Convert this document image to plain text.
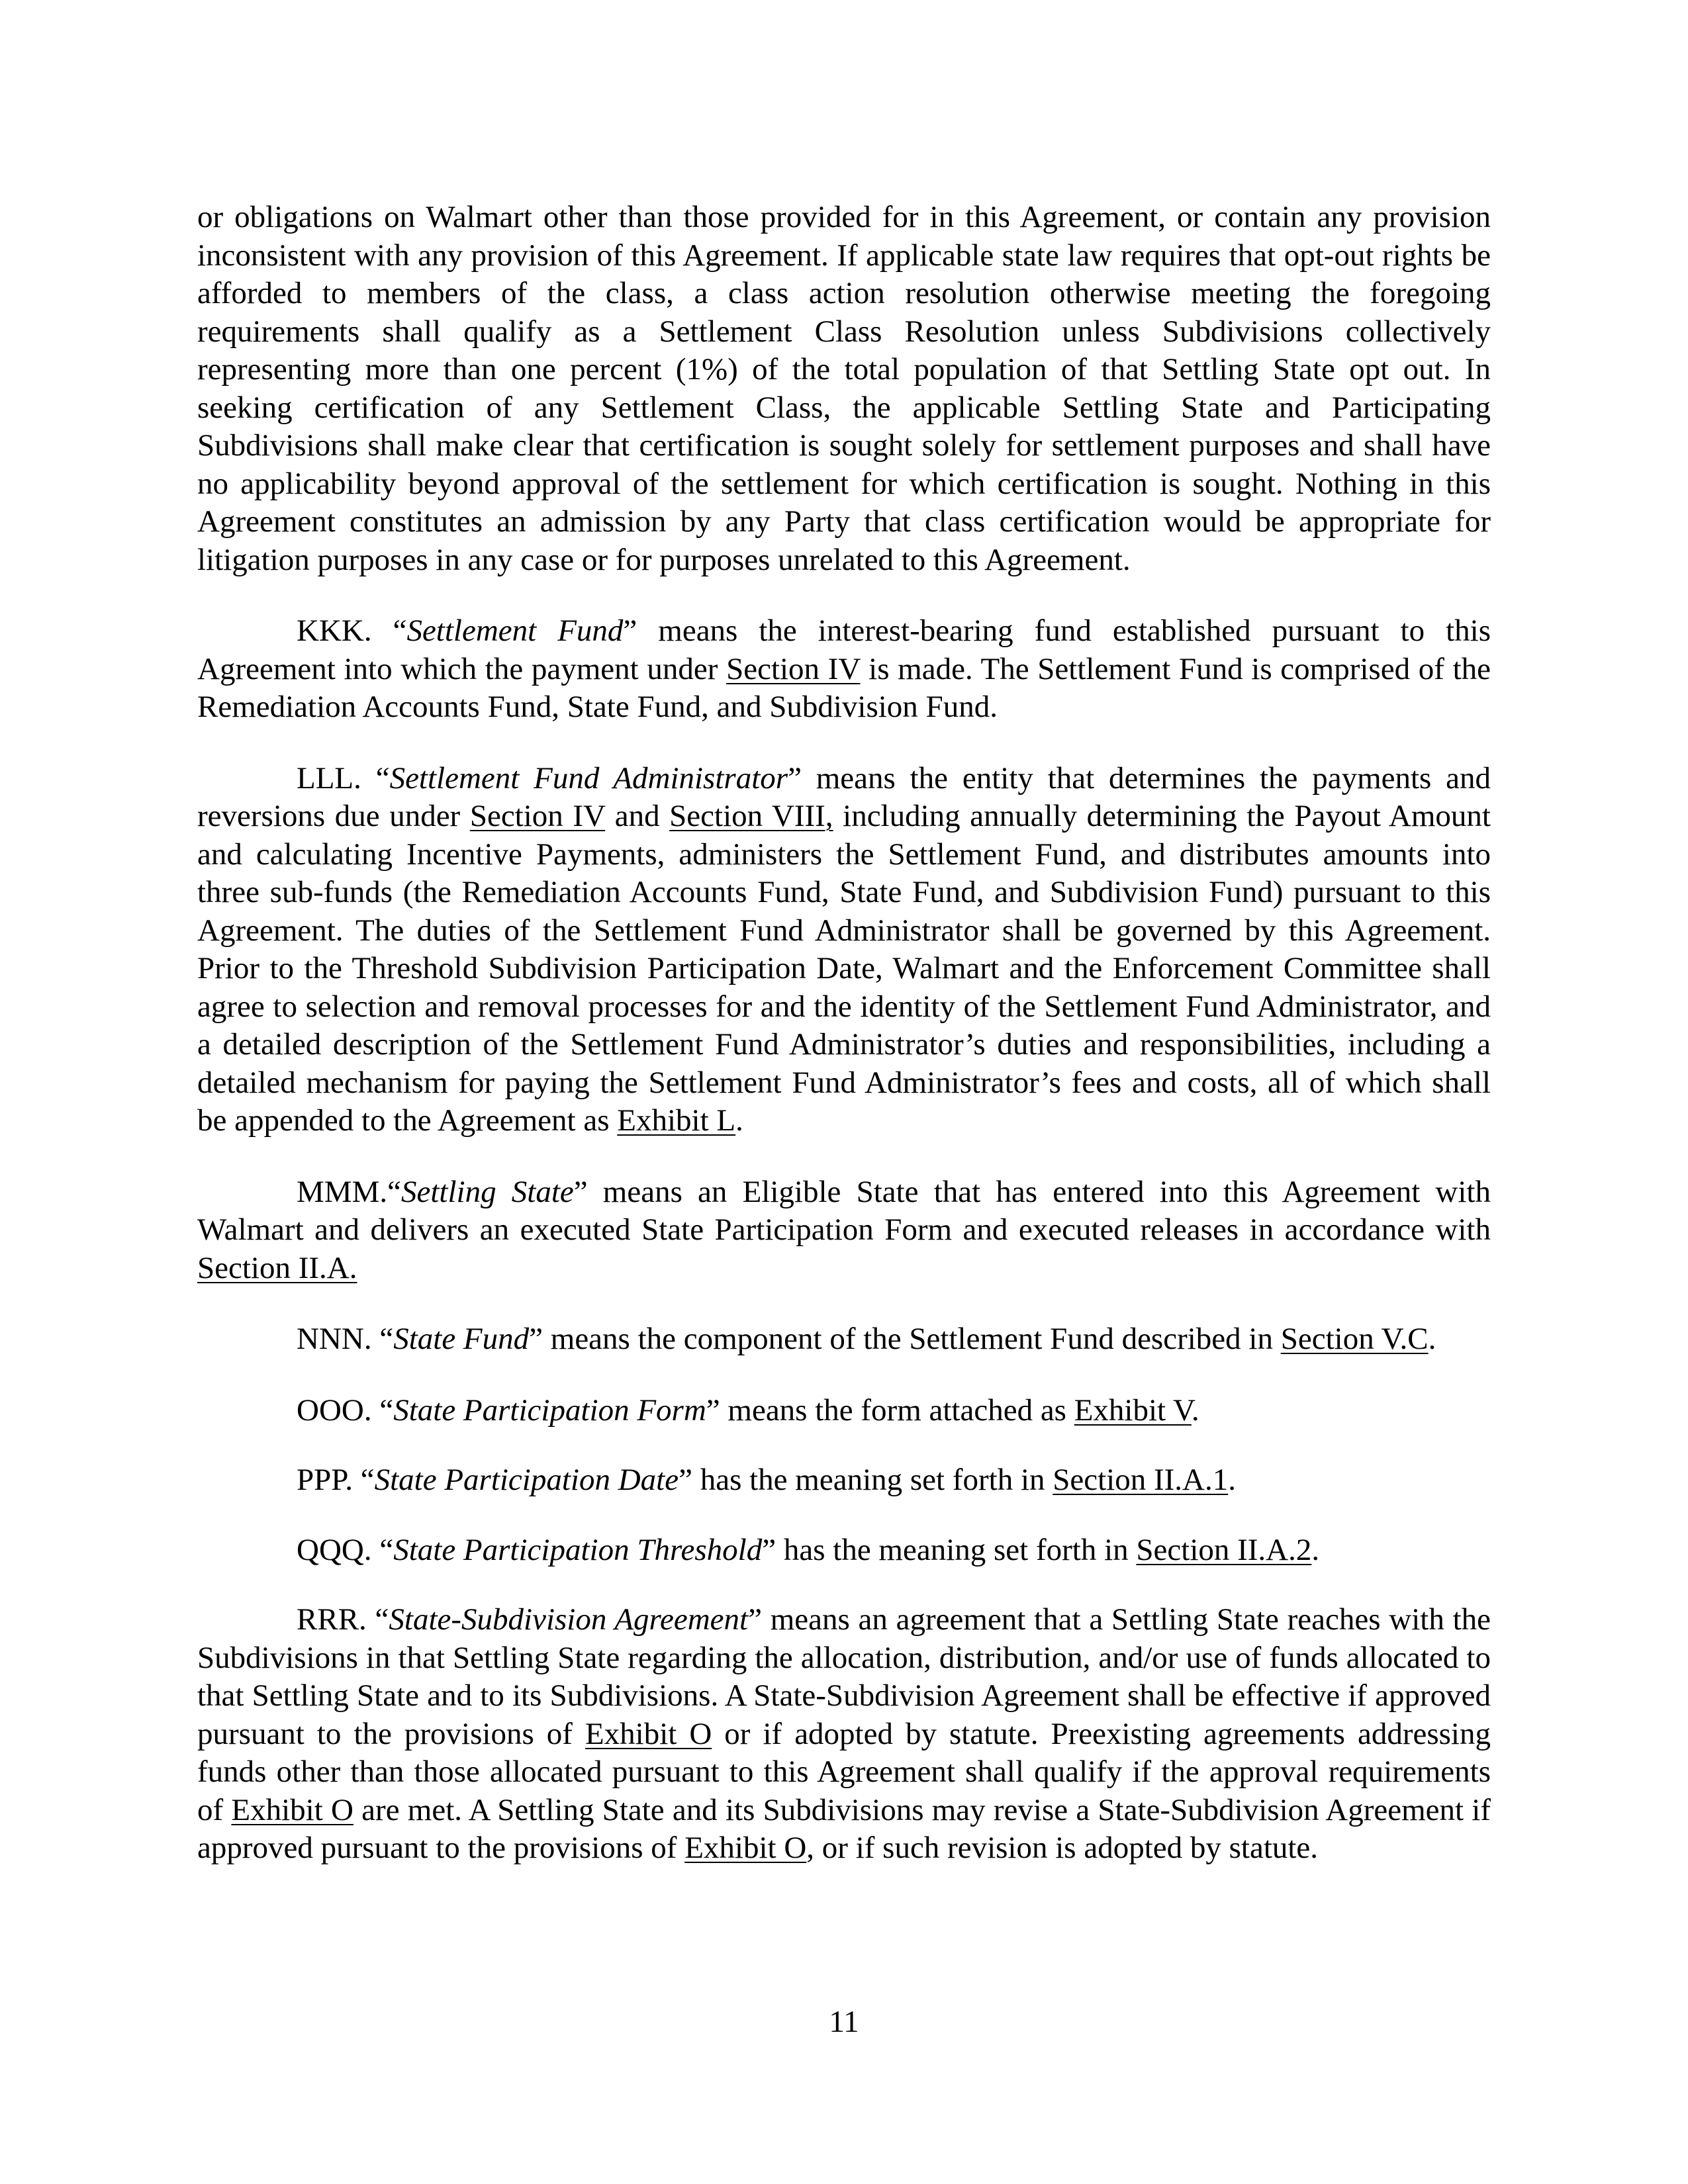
or obligations on Walmart other than those provided for in this Agreement, or contain any provision inconsistent with any provision of this Agreement. If applicable state law requires that opt-out rights be afforded to members of the class, a class action resolution otherwise meeting the foregoing requirements shall qualify as a Settlement Class Resolution unless Subdivisions collectively representing more than one percent (1%) of the total population of that Settling State opt out. In seeking certification of any Settlement Class, the applicable Settling State and Participating Subdivisions shall make clear that certification is sought solely for settlement purposes and shall have no applicability beyond approval of the settlement for which certification is sought. Nothing in this Agreement constitutes an admission by any Party that class certification would be appropriate for litigation purposes in any case or for purposes unrelated to this Agreement.

KKK. “Settlement Fund” means the interest-bearing fund established pursuant to this Agreement into which the payment under Section IV is made. The Settlement Fund is comprised of the Remediation Accounts Fund, State Fund, and Subdivision Fund.

LLL. “Settlement Fund Administrator” means the entity that determines the payments and reversions due under Section IV and Section VIII, including annually determining the Payout Amount and calculating Incentive Payments, administers the Settlement Fund, and distributes amounts into three sub-funds (the Remediation Accounts Fund, State Fund, and Subdivision Fund) pursuant to this Agreement. The duties of the Settlement Fund Administrator shall be governed by this Agreement. Prior to the Threshold Subdivision Participation Date, Walmart and the Enforcement Committee shall agree to selection and removal processes for and the identity of the Settlement Fund Administrator, and a detailed description of the Settlement Fund Administrator’s duties and responsibilities, including a detailed mechanism for paying the Settlement Fund Administrator’s fees and costs, all of which shall be appended to the Agreement as Exhibit L.

MMM.“Settling State” means an Eligible State that has entered into this Agreement with Walmart and delivers an executed State Participation Form and executed releases in accordance with Section II.A.

NNN. “State Fund” means the component of the Settlement Fund described in Section V.C.

OOO. “State Participation Form” means the form attached as Exhibit V.

PPP. “State Participation Date” has the meaning set forth in Section II.A.1.

QQQ. “State Participation Threshold” has the meaning set forth in Section II.A.2.

RRR. “State-Subdivision Agreement” means an agreement that a Settling State reaches with the Subdivisions in that Settling State regarding the allocation, distribution, and/or use of funds allocated to that Settling State and to its Subdivisions. A State-Subdivision Agreement shall be effective if approved pursuant to the provisions of Exhibit O or if adopted by statute. Preexisting agreements addressing funds other than those allocated pursuant to this Agreement shall qualify if the approval requirements of Exhibit O are met. A Settling State and its Subdivisions may revise a State-Subdivision Agreement if approved pursuant to the provisions of Exhibit O, or if such revision is adopted by statute.

11
